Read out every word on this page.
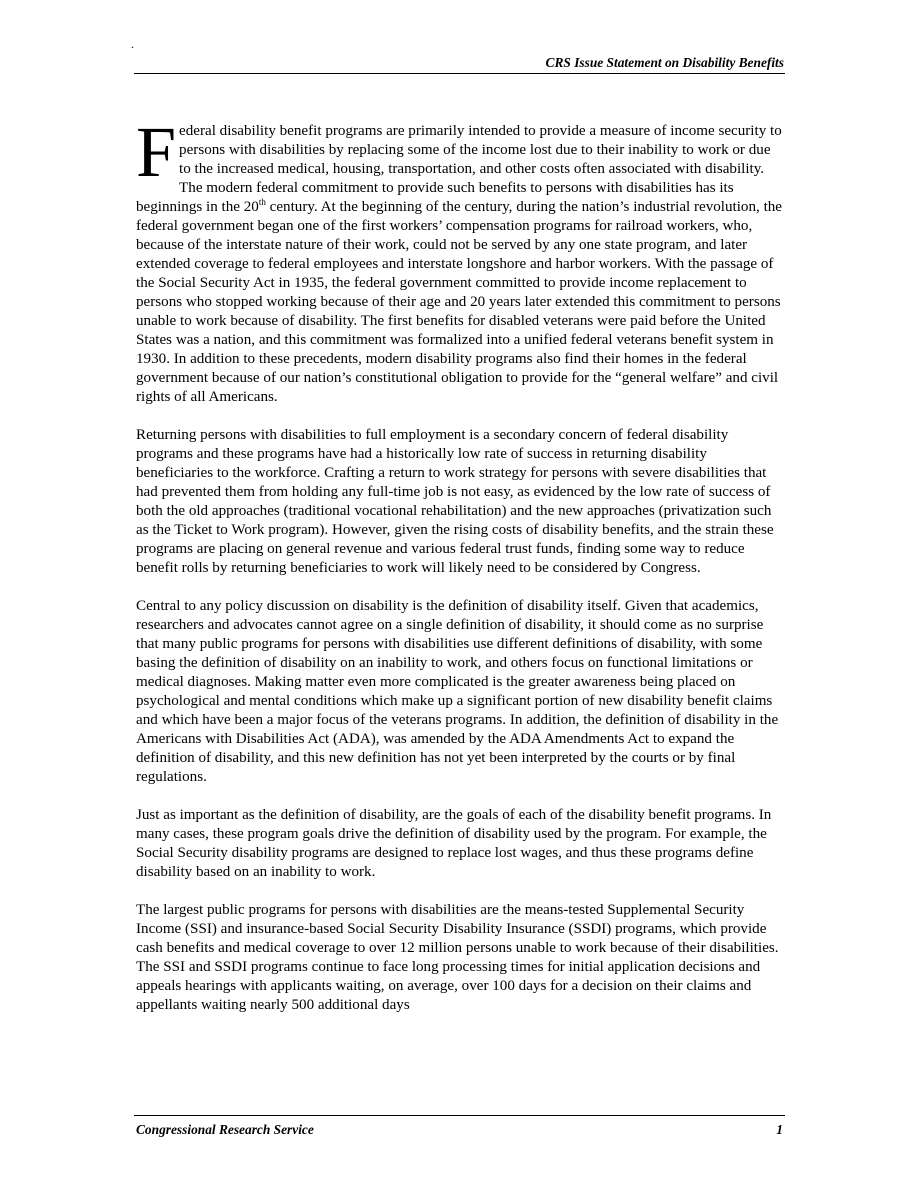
.
CRS Issue Statement on Disability Benefits

Federal disability benefit programs are primarily intended to provide a measure of income security to persons with disabilities by replacing some of the income lost due to their inability to work or due to the increased medical, housing, transportation, and other costs often associated with disability. The modern federal commitment to provide such benefits to persons with disabilities has its beginnings in the 20th century. At the beginning of the century, during the nation’s industrial revolution, the federal government began one of the first workers’ compensation programs for railroad workers, who, because of the interstate nature of their work, could not be served by any one state program, and later extended coverage to federal employees and interstate longshore and harbor workers. With the passage of the Social Security Act in 1935, the federal government committed to provide income replacement to persons who stopped working because of their age and 20 years later extended this commitment to persons unable to work because of disability. The first benefits for disabled veterans were paid before the United States was a nation, and this commitment was formalized into a unified federal veterans benefit system in 1930. In addition to these precedents, modern disability programs also find their homes in the federal government because of our nation’s constitutional obligation to provide for the “general welfare” and civil rights of all Americans.

Returning persons with disabilities to full employment is a secondary concern of federal disability programs and these programs have had a historically low rate of success in returning disability beneficiaries to the workforce. Crafting a return to work strategy for persons with severe disabilities that had prevented them from holding any full-time job is not easy, as evidenced by the low rate of success of both the old approaches (traditional vocational rehabilitation) and the new approaches (privatization such as the Ticket to Work program). However, given the rising costs of disability benefits, and the strain these programs are placing on general revenue and various federal trust funds, finding some way to reduce benefit rolls by returning beneficiaries to work will likely need to be considered by Congress.

Central to any policy discussion on disability is the definition of disability itself. Given that academics, researchers and advocates cannot agree on a single definition of disability, it should come as no surprise that many public programs for persons with disabilities use different definitions of disability, with some basing the definition of disability on an inability to work, and others focus on functional limitations or medical diagnoses. Making matter even more complicated is the greater awareness being placed on psychological and mental conditions which make up a significant portion of new disability benefit claims and which have been a major focus of the veterans programs. In addition, the definition of disability in the Americans with Disabilities Act (ADA), was amended by the ADA Amendments Act to expand the definition of disability, and this new definition has not yet been interpreted by the courts or by final regulations.

Just as important as the definition of disability, are the goals of each of the disability benefit programs. In many cases, these program goals drive the definition of disability used by the program. For example, the Social Security disability programs are designed to replace lost wages, and thus these programs define disability based on an inability to work.

The largest public programs for persons with disabilities are the means-tested Supplemental Security Income (SSI) and insurance-based Social Security Disability Insurance (SSDI) programs, which provide cash benefits and medical coverage to over 12 million persons unable to work because of their disabilities. The SSI and SSDI programs continue to face long processing times for initial application decisions and appeals hearings with applicants waiting, on average, over 100 days for a decision on their claims and appellants waiting nearly 500 additional days

Congressional Research Service	1
